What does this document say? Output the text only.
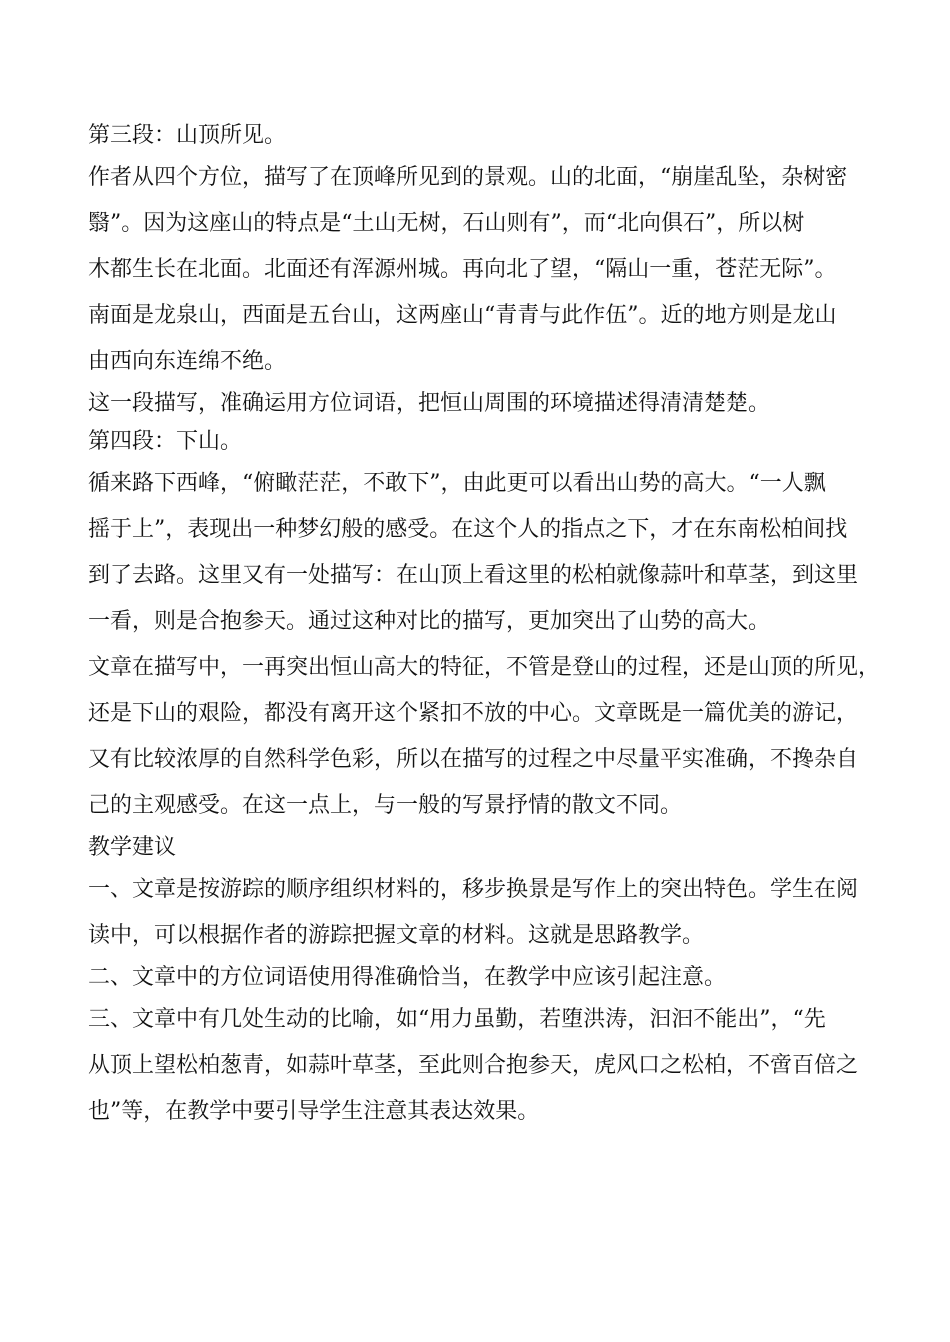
第三段：山顶所见。

作者从四个方位，描写了在顶峰所见到的景观。山的北面，“崩崖乱坠，杂树密
翳”。因为这座山的特点是“土山无树，石山则有”，而“北向俱石”，所以树
木都生长在北面。北面还有浑源州城。再向北了望，“隔山一重，苍茫无际”。
南面是龙泉山，西面是五台山，这两座山“青青与此作伍”。近的地方则是龙山
由西向东连绵不绝。

这一段描写，准确运用方位词语，把恒山周围的环境描述得清清楚楚。

第四段：下山。

循来路下西峰，“俯瞰茫茫，不敢下”，由此更可以看出山势的高大。“一人飘
摇于上”，表现出一种梦幻般的感受。在这个人的指点之下，才在东南松柏间找
到了去路。这里又有一处描写：在山顶上看这里的松柏就像蒜叶和草茎，到这里
一看，则是合抱参天。通过这种对比的描写，更加突出了山势的高大。

文章在描写中，一再突出恒山高大的特征，不管是登山的过程，还是山顶的所见，
还是下山的艰险，都没有离开这个紧扣不放的中心。文章既是一篇优美的游记，
又有比较浓厚的自然科学色彩，所以在描写的过程之中尽量平实准确，不搀杂自
己的主观感受。在这一点上，与一般的写景抒情的散文不同。

教学建议

一、文章是按游踪的顺序组织材料的，移步换景是写作上的突出特色。学生在阅
读中，可以根据作者的游踪把握文章的材料。这就是思路教学。

二、文章中的方位词语使用得准确恰当，在教学中应该引起注意。

三、文章中有几处生动的比喻，如“用力虽勤，若堕洪涛，汩汩不能出”，“先
从顶上望松柏葱青，如蒜叶草茎，至此则合抱参天，虎风口之松柏，不啻百倍之
也”等，在教学中要引导学生注意其表达效果。
